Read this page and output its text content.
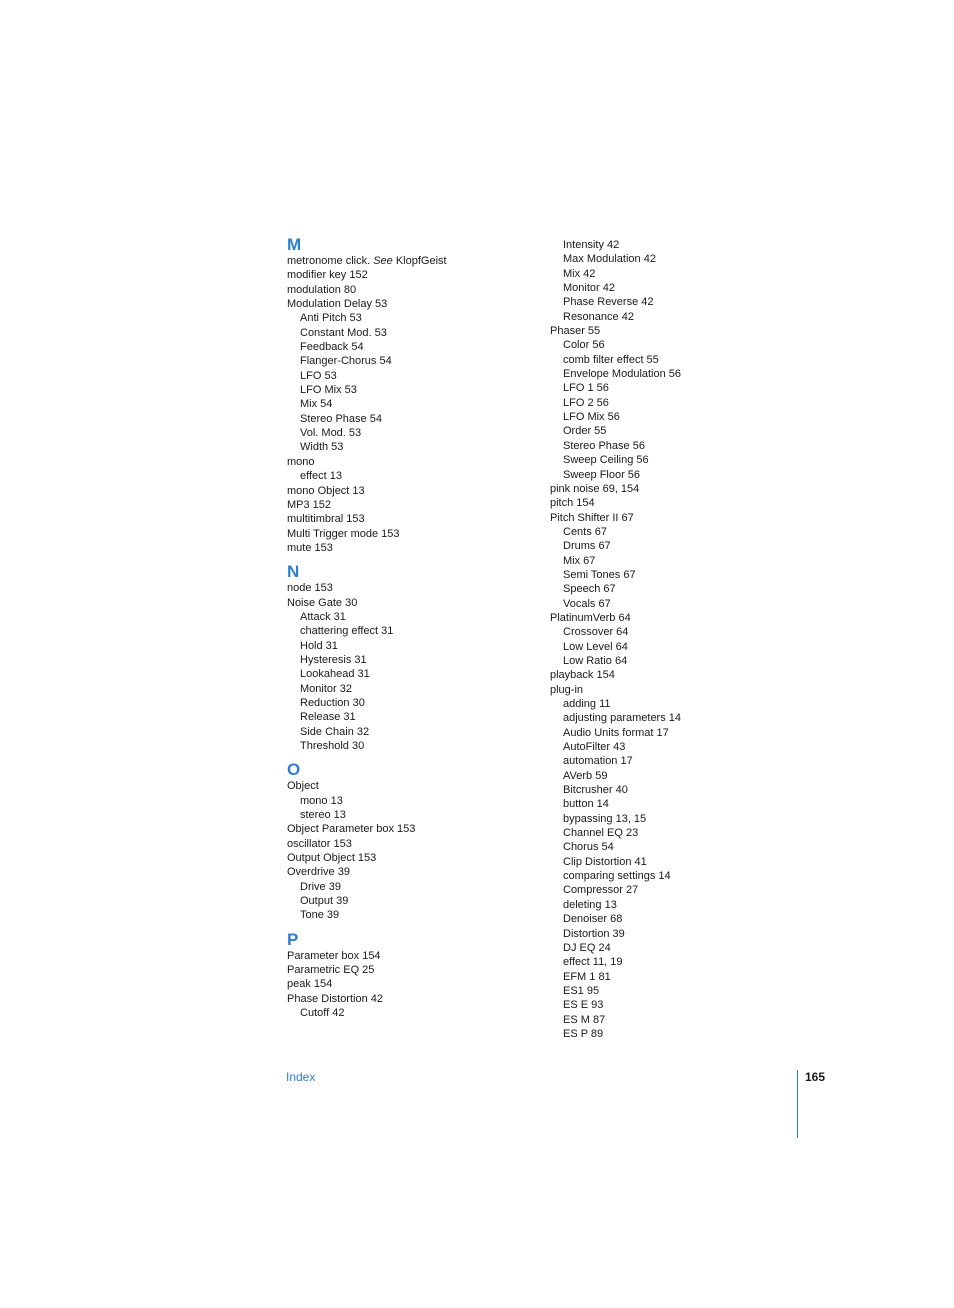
M
metronome click. See KlopfGeist
modifier key 152
modulation 80
Modulation Delay 53
Anti Pitch 53
Constant Mod. 53
Feedback 54
Flanger-Chorus 54
LFO 53
LFO Mix 53
Mix 54
Stereo Phase 54
Vol. Mod. 53
Width 53
mono
effect 13
mono Object 13
MP3 152
multitimbral 153
Multi Trigger mode 153
mute 153
N
node 153
Noise Gate 30
Attack 31
chattering effect 31
Hold 31
Hysteresis 31
Lookahead 31
Monitor 32
Reduction 30
Release 31
Side Chain 32
Threshold 30
O
Object
mono 13
stereo 13
Object Parameter box 153
oscillator 153
Output Object 153
Overdrive 39
Drive 39
Output 39
Tone 39
P
Parameter box 154
Parametric EQ 25
peak 154
Phase Distortion 42
Cutoff 42
Intensity 42
Max Modulation 42
Mix 42
Monitor 42
Phase Reverse 42
Resonance 42
Phaser 55
Color 56
comb filter effect 55
Envelope Modulation 56
LFO 1 56
LFO 2 56
LFO Mix 56
Order 55
Stereo Phase 56
Sweep Ceiling 56
Sweep Floor 56
pink noise 69, 154
pitch 154
Pitch Shifter II 67
Cents 67
Drums 67
Mix 67
Semi Tones 67
Speech 67
Vocals 67
PlatinumVerb 64
Crossover 64
Low Level 64
Low Ratio 64
playback 154
plug-in
adding 11
adjusting parameters 14
Audio Units format 17
AutoFilter 43
automation 17
AVerb 59
Bitcrusher 40
button 14
bypassing 13, 15
Channel EQ 23
Chorus 54
Clip Distortion 41
comparing settings 14
Compressor 27
deleting 13
Denoiser 68
Distortion 39
DJ EQ 24
effect 11, 19
EFM 1 81
ES1 95
ES E 93
ES M 87
ES P 89
Index	165
